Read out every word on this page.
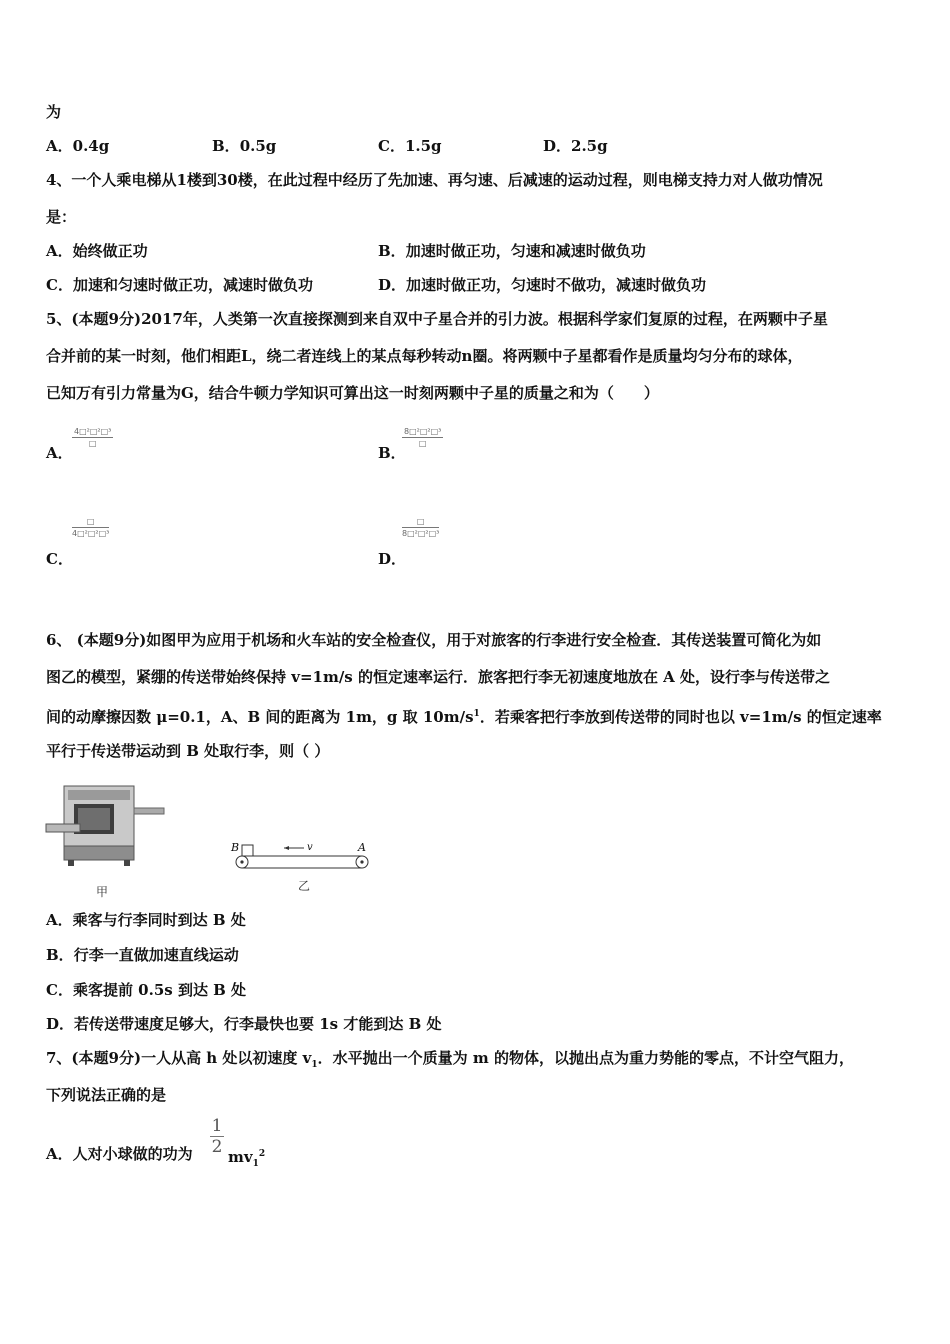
为
A．0.4g	B．0.5g	C．1.5g	D．2.5g
4、一个人乘电梯从1楼到30楼，在此过程中经历了先加速、再匀速、后减速的运动过程，则电梯支持力对人做功情况
是：
A．始终做正功	B．加速时做正功，匀速和减速时做负功
C．加速和匀速时做正功，减速时做负功	D．加速时做正功，匀速时不做功，减速时做负功
5、(本题9分)2017年，人类第一次直接探测到来自双中子星合并的引力波。根据科学家们复原的过程，在两颗中子星
合并前的某一时刻，他们相距L，绕二者连线上的某点每秒转动n圈。将两颗中子星都看作是质量均匀分布的球体，
已知万有引力常量为G，结合牛顿力学知识可算出这一时刻两颗中子星的质量之和为（　　）
A．
4□²□²□³
□
B．
8□²□²□³
□
C．
□
4□²□²□³
D．
□
8□²□²□³
6、 (本题9分)如图甲为应用于机场和火车站的安全检查仪，用于对旅客的行李进行安全检查．其传送装置可简化为如
图乙的模型，紧绷的传送带始终保持 v=1m/s 的恒定速率运行．旅客把行李无初速度地放在 A 处，设行李与传送带之
间的动摩擦因数 μ=0.1，A、B 间的距离为 1m，g 取 $10m/s^1$．若乘客把行李放到传送带的同时也以 v=1m/s 的恒定速率
平行于传送带运动到 B 处取行李，则（ ）
甲
B	A
v
乙
A．乘客与行李同时到达 B 处
B．行李一直做加速直线运动
C．乘客提前 0.5s 到达 B 处
D．若传送带速度足够大，行李最快也要 1s 才能到达 B 处
7、(本题9分)一人从高 h 处以初速度 $v_1$．水平抛出一个质量为 m 的物体，以抛出点为重力势能的零点，不计空气阻力，
下列说法正确的是
A．人对小球做的功为 $\frac{1}{2} mv_1^2$
